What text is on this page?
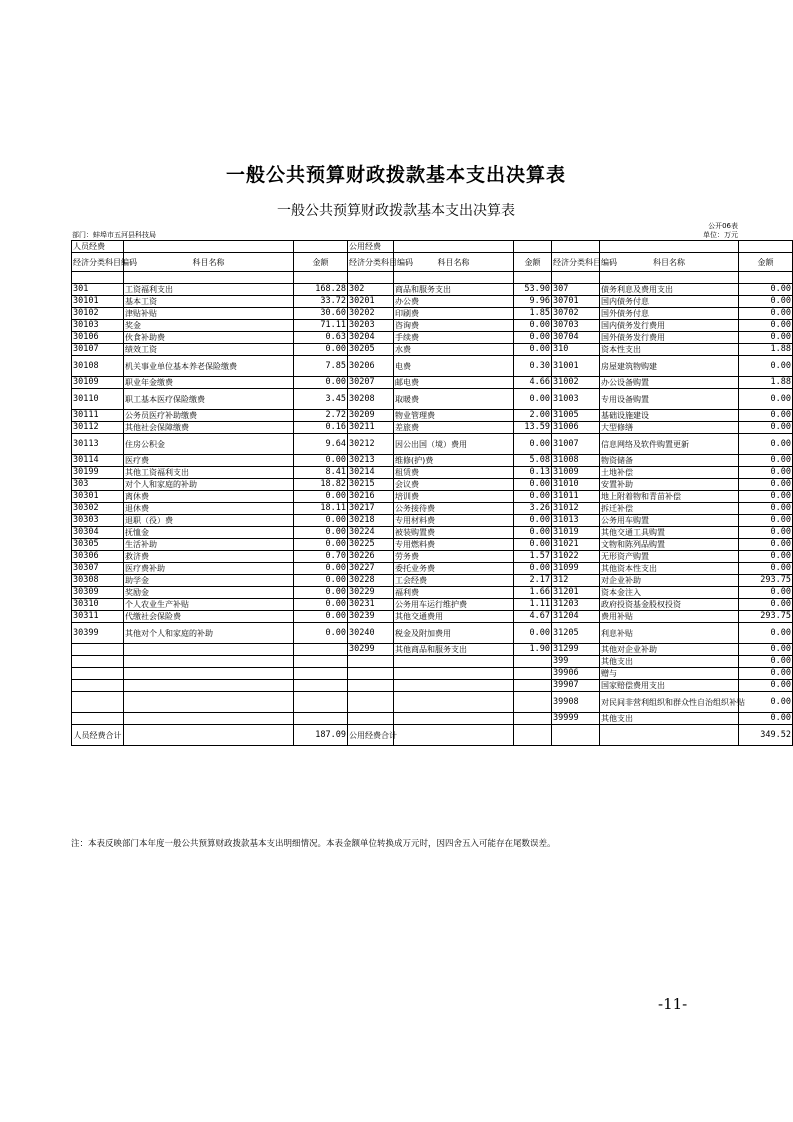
一般公共预算财政拨款基本支出决算表
一般公共预算财政拨款基本支出决算表
公开06表
部门：蚌埠市五河县科技局	单位：万元
人员经费			公用经费					
经济分类科目编码	科目名称	金额	经济分类科目编码	科目名称	金额	经济分类科目编码	科目名称	金额

301	工资福利支出	168.28	302	商品和服务支出	53.90	307	债务利息及费用支出	0.00
30101	基本工资	33.72	30201	办公费	9.96	30701	国内债务付息	0.00
30102	津贴补贴	30.60	30202	印刷费	1.85	30702	国外债务付息	0.00
30103	奖金	71.11	30203	咨询费	0.00	30703	国内债务发行费用	0.00
30106	伙食补助费	0.63	30204	手续费	0.00	30704	国外债务发行费用	0.00
30107	绩效工资	0.00	30205	水费	0.00	310	资本性支出	1.88
30108	机关事业单位基本养老保险缴费	7.85	30206	电费	0.30	31001	房屋建筑物购建	0.00
30109	职业年金缴费	0.00	30207	邮电费	4.66	31002	办公设备购置	1.88
30110	职工基本医疗保险缴费	3.45	30208	取暖费	0.00	31003	专用设备购置	0.00
30111	公务员医疗补助缴费	2.72	30209	物业管理费	2.00	31005	基础设施建设	0.00
30112	其他社会保障缴费	0.16	30211	差旅费	13.59	31006	大型修缮	0.00
30113	住房公积金	9.64	30212	因公出国（境）费用	0.00	31007	信息网络及软件购置更新	0.00
30114	医疗费	0.00	30213	维修(护)费	5.08	31008	物资储备	0.00
30199	其他工资福利支出	8.41	30214	租赁费	0.13	31009	土地补偿	0.00
303	对个人和家庭的补助	18.82	30215	会议费	0.00	31010	安置补助	0.00
30301	离休费	0.00	30216	培训费	0.00	31011	地上附着物和青苗补偿	0.00
30302	退休费	18.11	30217	公务接待费	3.26	31012	拆迁补偿	0.00
30303	退职（役）费	0.00	30218	专用材料费	0.00	31013	公务用车购置	0.00
30304	抚恤金	0.00	30224	被装购置费	0.00	31019	其他交通工具购置	0.00
30305	生活补助	0.00	30225	专用燃料费	0.00	31021	文物和陈列品购置	0.00
30306	救济费	0.70	30226	劳务费	1.57	31022	无形资产购置	0.00
30307	医疗费补助	0.00	30227	委托业务费	0.00	31099	其他资本性支出	0.00
30308	助学金	0.00	30228	工会经费	2.17	312	对企业补助	293.75
30309	奖励金	0.00	30229	福利费	1.66	31201	资本金注入	0.00
30310	个人农业生产补贴	0.00	30231	公务用车运行维护费	1.11	31203	政府投资基金股权投资	0.00
30311	代缴社会保险费	0.00	30239	其他交通费用	4.67	31204	费用补贴	293.75
30399	其他对个人和家庭的补助	0.00	30240	税金及附加费用	0.00	31205	利息补贴	0.00
			30299	其他商品和服务支出	1.90	31299	其他对企业补助	0.00
						399	其他支出	0.00
						39906	赠与	0.00
						39907	国家赔偿费用支出	0.00
						39908	对民间非营利组织和群众性自治组织补贴	0.00
						39999	其他支出	0.00
人员经费合计		187.09	公用经费合计					349.52
注：本表反映部门本年度一般公共预算财政拨款基本支出明细情况。本表金额单位转换成万元时，因四舍五入可能存在尾数误差。
-11-
